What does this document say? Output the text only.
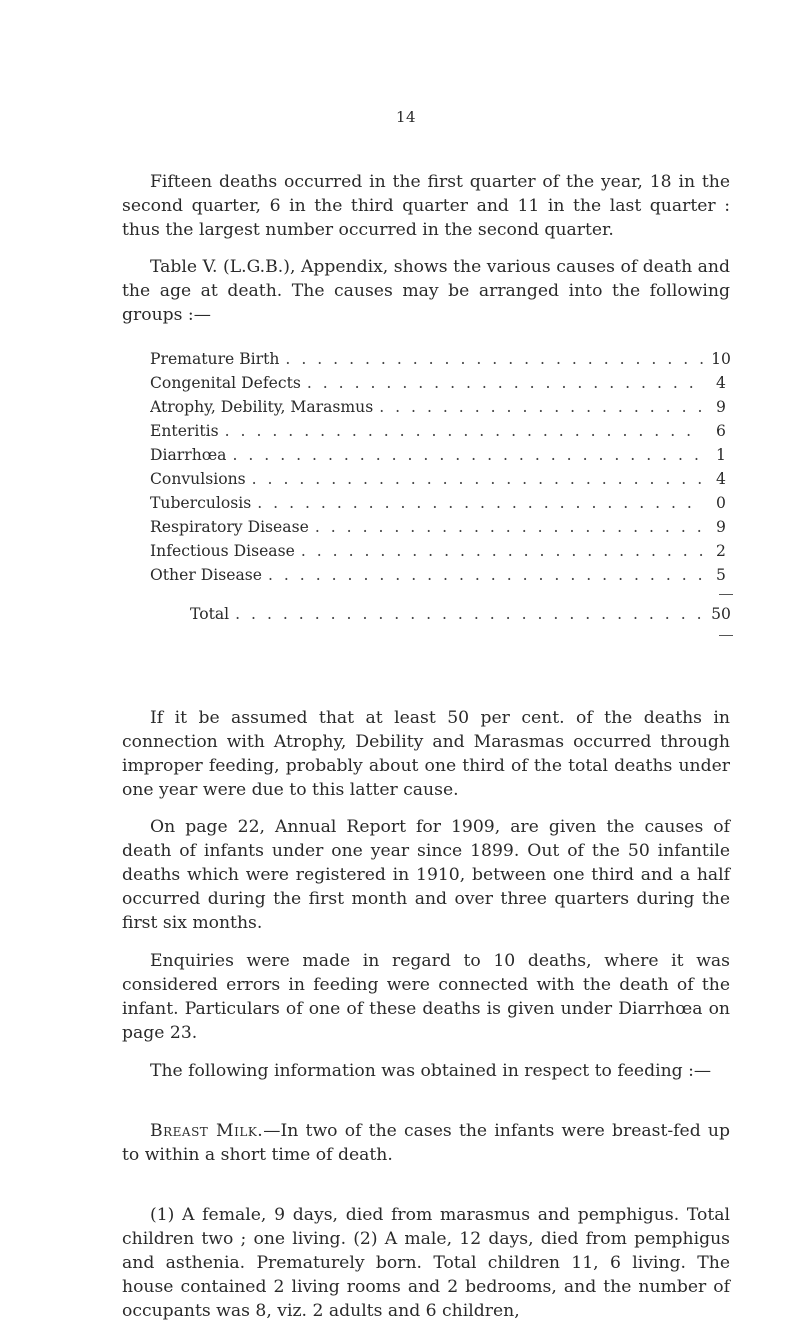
14

Fifteen deaths occurred in the first quarter of the year, 18 in the second quarter, 6 in the third quarter and 11 in the last quarter : thus the largest number occurred in the second quarter.

Table V. (L.G.B.), Appendix, shows the various causes of death and the age at death. The causes may be arranged into the following groups :—

Premature Birth . . .	10
Congenital Defects . . .	4
Atrophy, Debility, Marasmus . . .	9
Enteritis . . .	6
Diarrhœa . . .	1
Convulsions . . .	4
Tuberculosis . . .	0
Respiratory Disease . . .	9
Infectious Disease . . .	2
Other Disease . . .	5
Total . . .	50

If it be assumed that at least 50 per cent. of the deaths in connection with Atrophy, Debility and Marasmas occurred through improper feeding, probably about one third of the total deaths under one year were due to this latter cause.

On page 22, Annual Report for 1909, are given the causes of death of infants under one year since 1899. Out of the 50 infantile deaths which were registered in 1910, between one third and a half occurred during the first month and over three quarters during the first six months.

Enquiries were made in regard to 10 deaths, where it was considered errors in feeding were connected with the death of the infant. Particulars of one of these deaths is given under Diarrhœa on page 23.

The following information was obtained in respect to feeding :—

Breast Milk.—In two of the cases the infants were breast-fed up to within a short time of death.

(1) A female, 9 days, died from marasmus and pemphigus. Total children two ; one living. (2) A male, 12 days, died from pemphigus and asthenia. Prematurely born. Total children 11, 6 living. The house contained 2 living rooms and 2 bedrooms, and the number of occupants was 8, viz. 2 adults and 6 children,
